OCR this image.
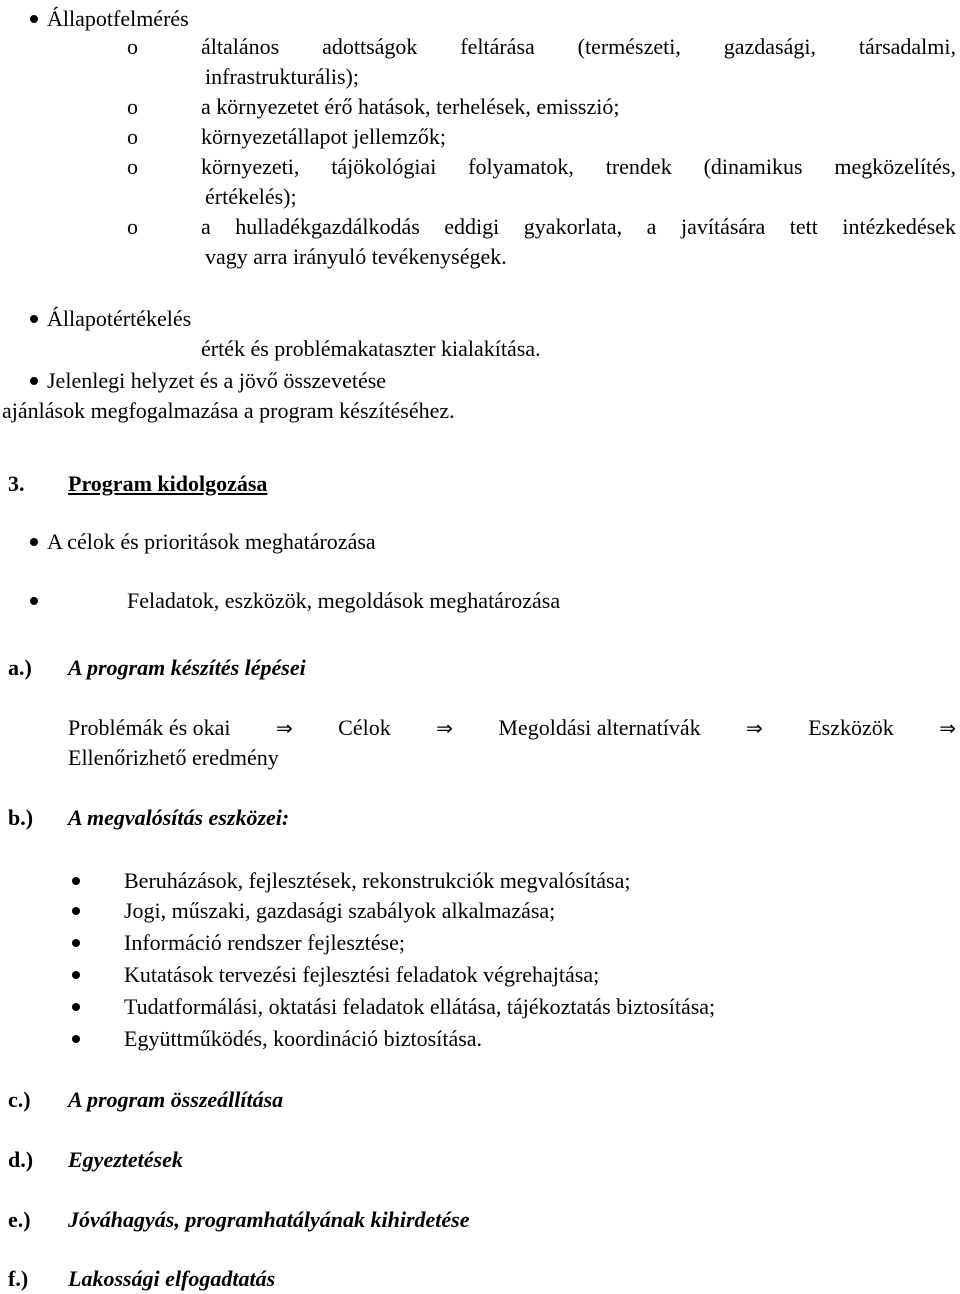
Állapotfelmérés
o	általános adottságok feltárása (természeti, gazdasági, társadalmi,
infrastrukturális);
o	a környezetet érő hatások, terhelések, emisszió;
o	környezetállapot jellemzők;
o	környezeti, tájökológiai folyamatok, trendek (dinamikus megközelítés,
értékelés);
o	a hulladékgazdálkodás eddigi gyakorlata, a javítására tett intézkedések
vagy arra irányuló tevékenységek.
Állapotértékelés
érték és problémakataszter kialakítása.
Jelenlegi helyzet és a jövő összevetése
ajánlások megfogalmazása a program készítéséhez.
3. Program kidolgozása
A célok és prioritások meghatározása
Feladatok, eszközök, megoldások meghatározása
a.) A program készítés lépései
Problémák és okai ⇒ Célok ⇒ Megoldási alternatívák ⇒ Eszközök ⇒
Ellenőrizhető eredmény
b.) A megvalósítás eszközei:
Beruházások, fejlesztések, rekonstrukciók megvalósítása;
Jogi, műszaki, gazdasági szabályok alkalmazása;
Információ rendszer fejlesztése;
Kutatások tervezési fejlesztési feladatok végrehajtása;
Tudatformálási, oktatási feladatok ellátása, tájékoztatás biztosítása;
Együttműködés, koordináció biztosítása.
c.) A program összeállítása
d.) Egyeztetések
e.) Jóváhagyás, programhatályának kihirdetése
f.) Lakossági elfogadtatás
